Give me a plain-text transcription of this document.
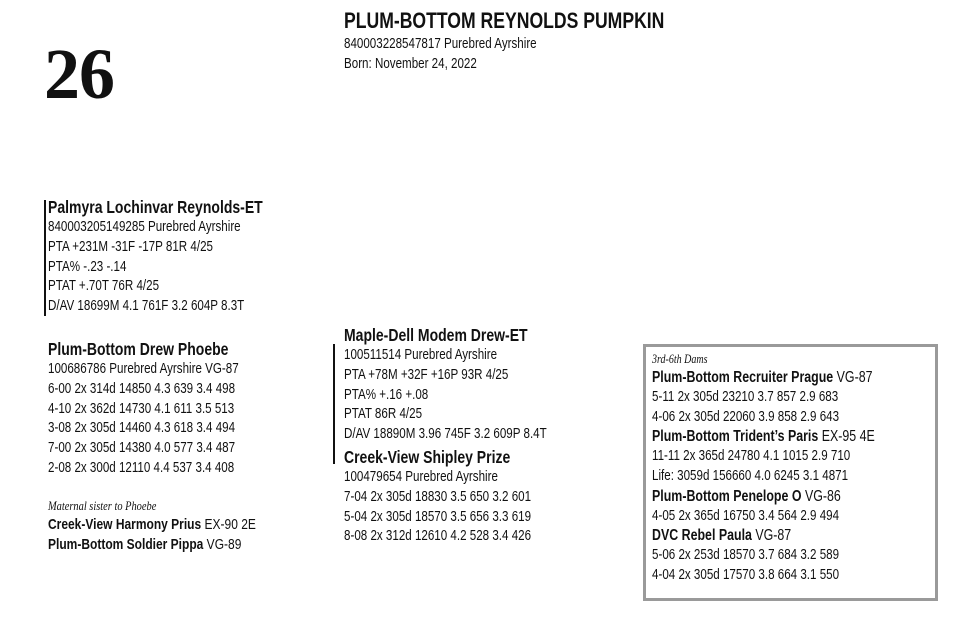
26
PLUM-BOTTOM REYNOLDS PUMPKIN
840003228547817 Purebred Ayrshire
Born: November 24, 2022
Palmyra Lochinvar Reynolds-ET
840003205149285 Purebred Ayrshire
PTA +231M -31F -17P 81R 4/25
PTA% -.23 -.14
PTAT +.70T 76R 4/25
D/AV 18699M 4.1 761F 3.2 604P 8.3T
Plum-Bottom Drew Phoebe
100686786 Purebred Ayrshire VG-87
6-00 2x 314d 14850 4.3 639 3.4 498
4-10 2x 362d 14730 4.1 611 3.5 513
3-08 2x 305d 14460 4.3 618 3.4 494
7-00 2x 305d 14380 4.0 577 3.4 487
2-08 2x 300d 12110 4.4 537 3.4 408
Maternal sister to Phoebe
Creek-View Harmony Prius EX-90 2E
Plum-Bottom Soldier Pippa VG-89
Maple-Dell Modem Drew-ET
100511514 Purebred Ayrshire
PTA +78M +32F +16P 93R 4/25
PTA% +.16 +.08
PTAT 86R 4/25
D/AV 18890M 3.96 745F 3.2 609P 8.4T
Creek-View Shipley Prize
100479654 Purebred Ayrshire
7-04 2x 305d 18830 3.5 650 3.2 601
5-04 2x 305d 18570 3.5 656 3.3 619
8-08 2x 312d 12610 4.2 528 3.4 426
3rd-6th Dams
Plum-Bottom Recruiter Prague VG-87
5-11 2x 305d 23210 3.7 857 2.9 683
4-06 2x 305d 22060 3.9 858 2.9 643
Plum-Bottom Trident’s Paris EX-95 4E
11-11 2x 365d 24780 4.1 1015 2.9 710
Life: 3059d 156660 4.0 6245 3.1 4871
Plum-Bottom Penelope O VG-86
4-05 2x 365d 16750 3.4 564 2.9 494
DVC Rebel Paula VG-87
5-06 2x 253d 18570 3.7 684 3.2 589
4-04 2x 305d 17570 3.8 664 3.1 550
